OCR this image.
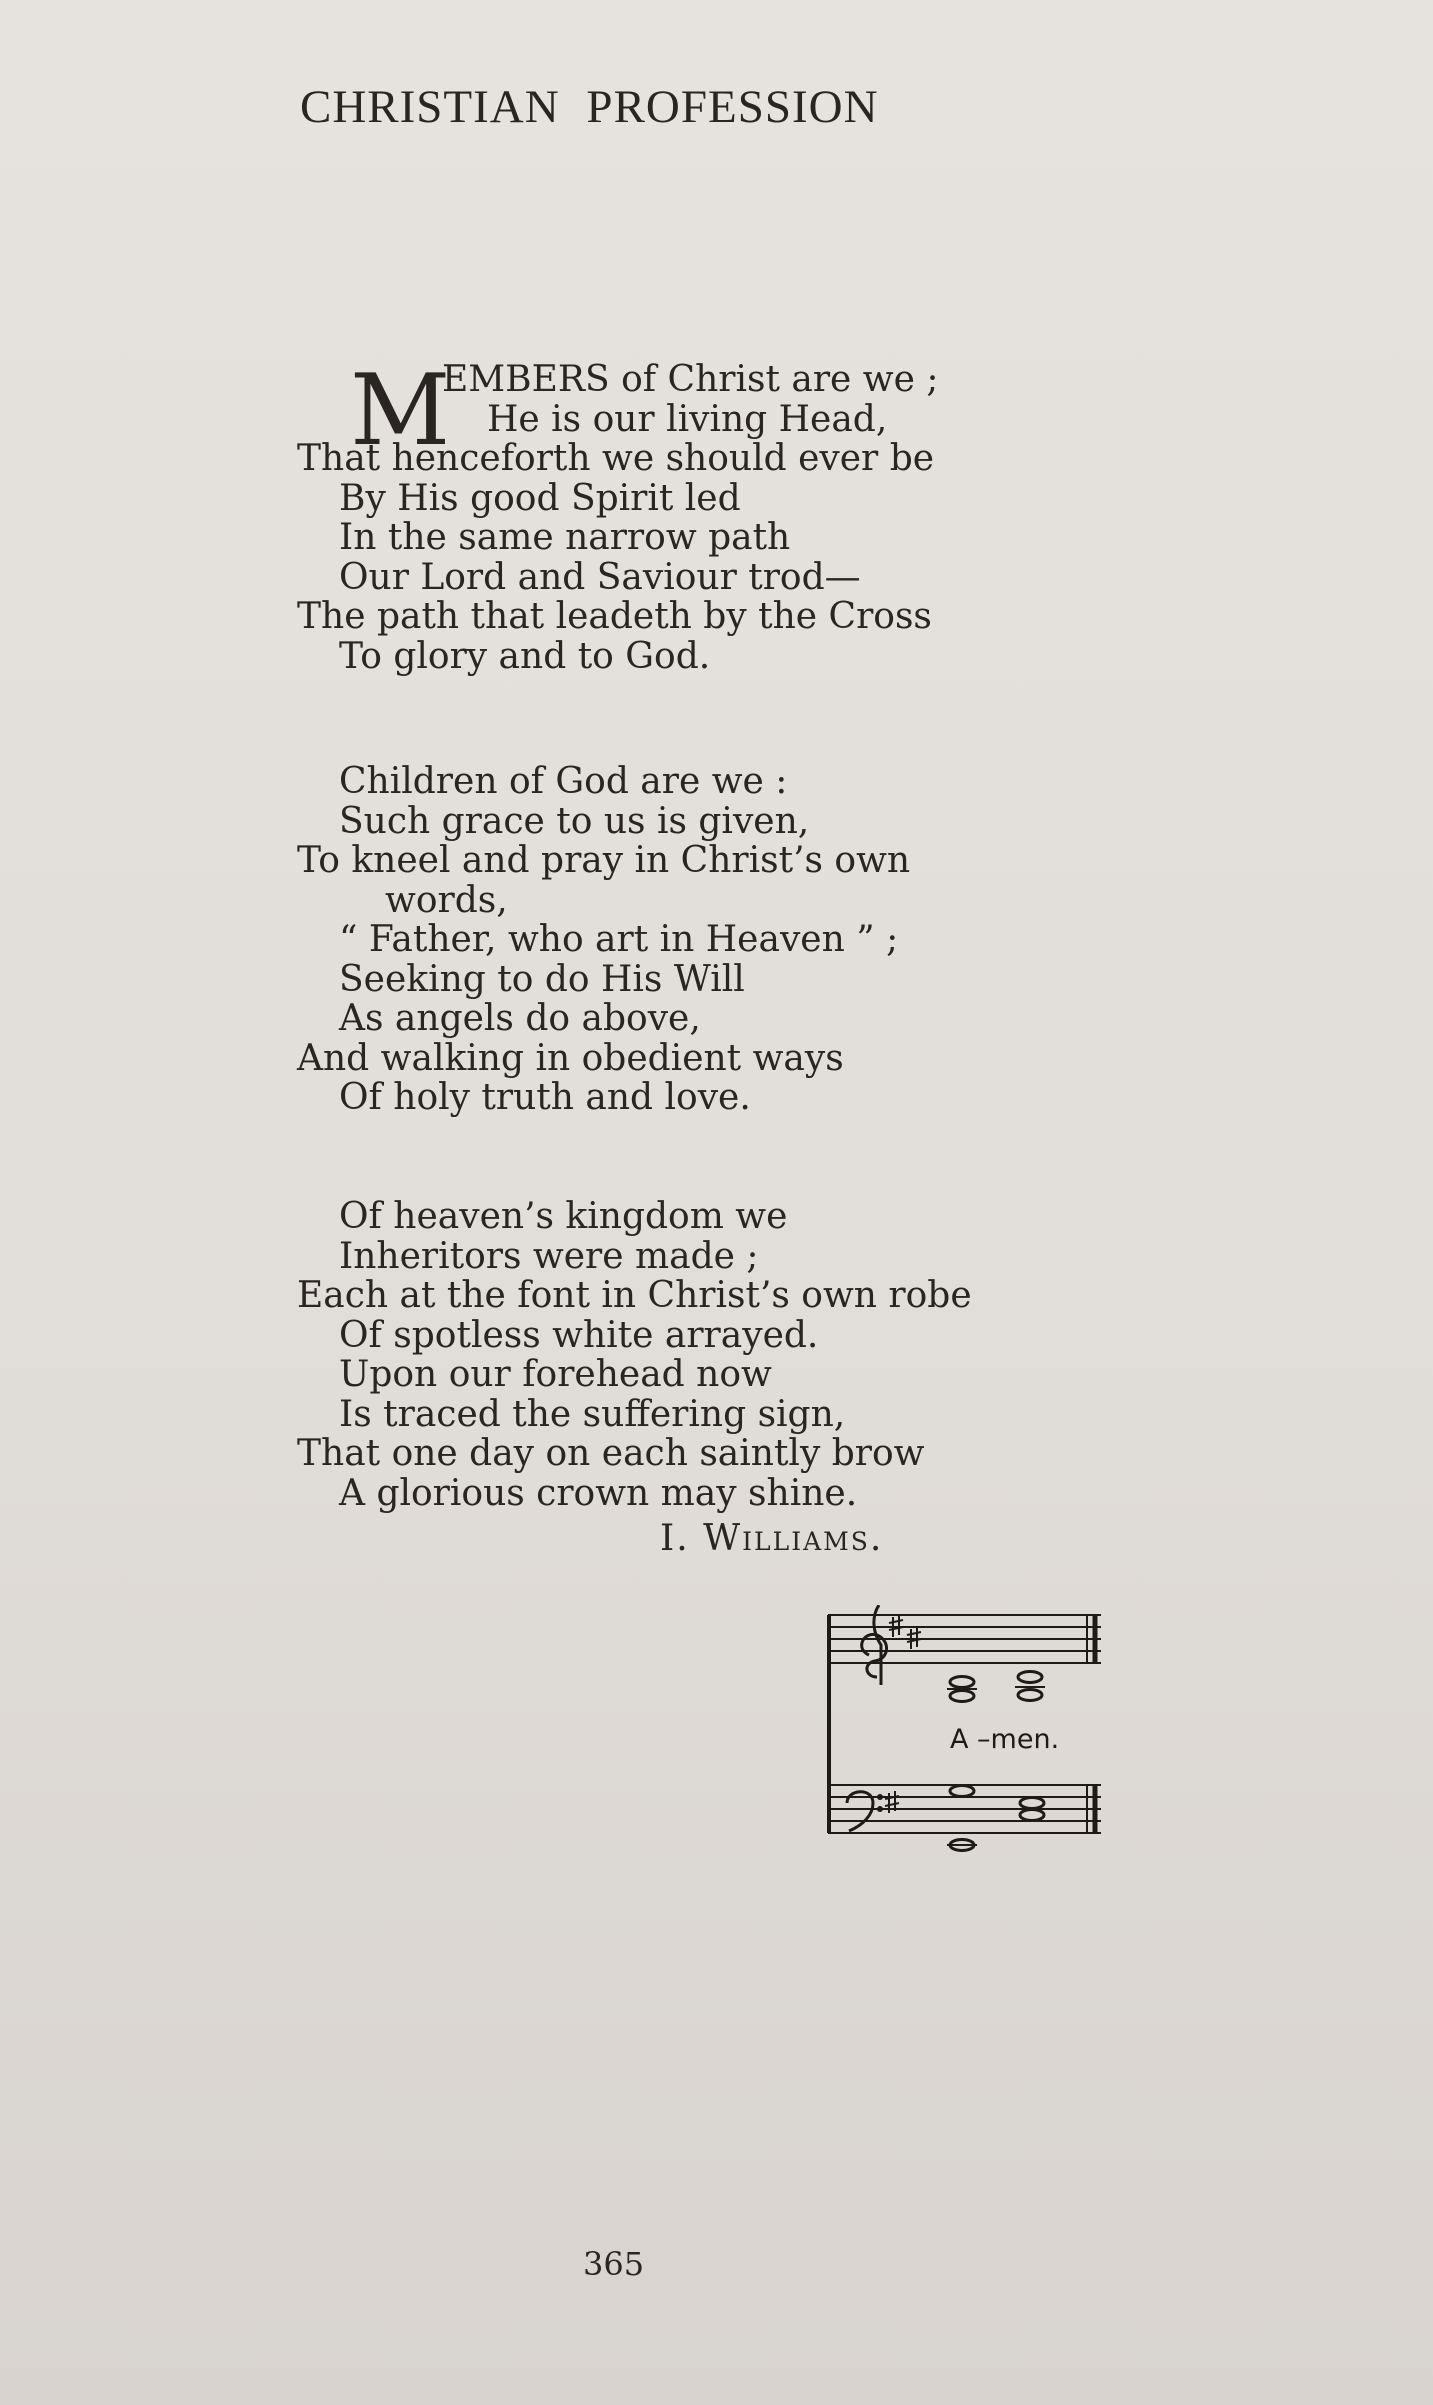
CHRISTIAN PROFESSION
M
EMBERS of Christ are we ;
He is our living Head,
That henceforth we should ever be
By His good Spirit led
In the same narrow path
Our Lord and Saviour trod—
The path that leadeth by the Cross
To glory and to God.
Children of God are we :
Such grace to us is given,
To kneel and pray in Christ’s own
words,
“ Father, who art in Heaven ” ;
Seeking to do His Will
As angels do above,
And walking in obedient ways
Of holy truth and love.
Of heaven’s kingdom we
Inheritors were made ;
Each at the font in Christ’s own robe
Of spotless white arrayed.
Upon our forehead now
Is traced the suffering sign,
That one day on each saintly brow
A glorious crown may shine.
I. Williams.
A –men.
365
